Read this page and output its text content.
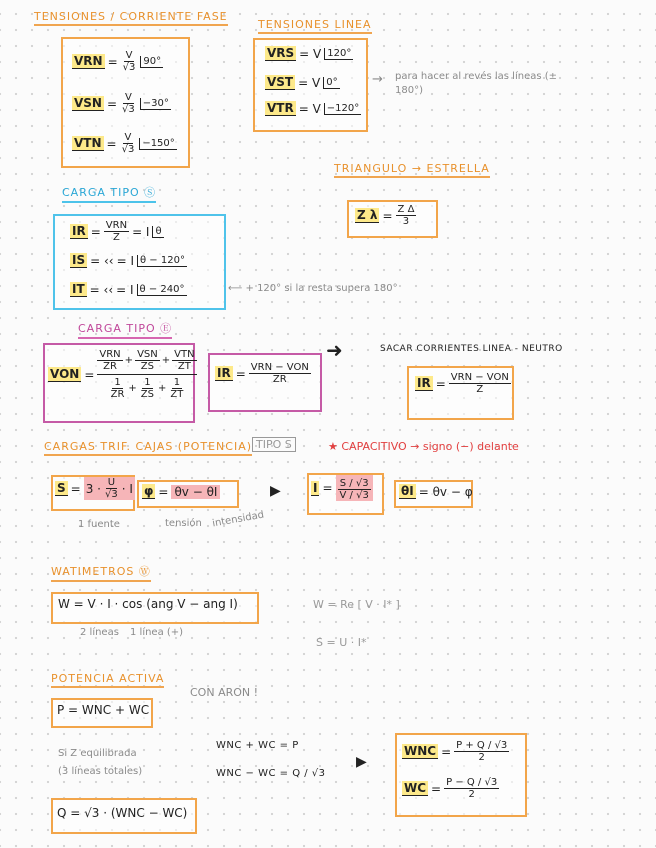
TENSIONES / CORRIENTE FASE
VRN = $\frac{V}{√3} 90^\circ$
VSN = $\frac{V}{√3} -30^\circ$
VTN = $\frac{V}{√3} -150^\circ$
TENSIONES LINEA
VRS = V 120°
VST = V 0°
VTR = V −120°
→ para hacer al revés las líneas (± 180°)
TRIANGULO → ESTRELLA
Z $\lambda = \frac{\text{Z Δ}}{3}$
CARGA TIPO Ⓢ
IR = $\frac{\text{VRN}}{Z} = I$ θ
IS = ‹‹ = I θ − 120°
IT = ‹‹ = I θ − 240°	⟵ + 120° si la resta supera 180°
CARGA TIPO Ⓔ
VON =
$\frac{\text{VRN}}{ZR} + \frac{\text{VSN}}{ZS} + \frac{\text{VTN}}{ZT}$
$\frac{1}{ZR} + \frac{1}{ZS} + \frac{1}{ZT}$
IR = $\frac{\text{VRN − VON}}{ZR}$
➜	SACAR CORRIENTES LINEA - NEUTRO
IR = $\frac{\text{VRN − VON}}{Z}$
CARGAS TRIF. CAJAS (POTENCIA) TIPO S	★ CAPACITIVO → signo (−) delante
$S = 3 \cdot \frac{U}{√3} \cdot I$
1 fuente
φ = θv − θI
tensión intensidad
▶	$I = \frac{S / √3}{V / √3}$	θI = θv − φ
WATIMETROS Ⓦ
W = V · I · cos (ang V − ang I)
2 líneas 1 línea (+)
W = Re [ V · I* ]
S = U · I*
POTENCIA ACTIVA
CON ARON !
P = WNC + WC
Si Z equilibrada
(3 líneas totales)
WNC + WC = P
WNC − WC = Q / √3
▶
WNC = $\frac{P + Q / √3}{2}$
WC = $\frac{P - Q / √3}{2}$
Q = √3 · (WNC − WC)
